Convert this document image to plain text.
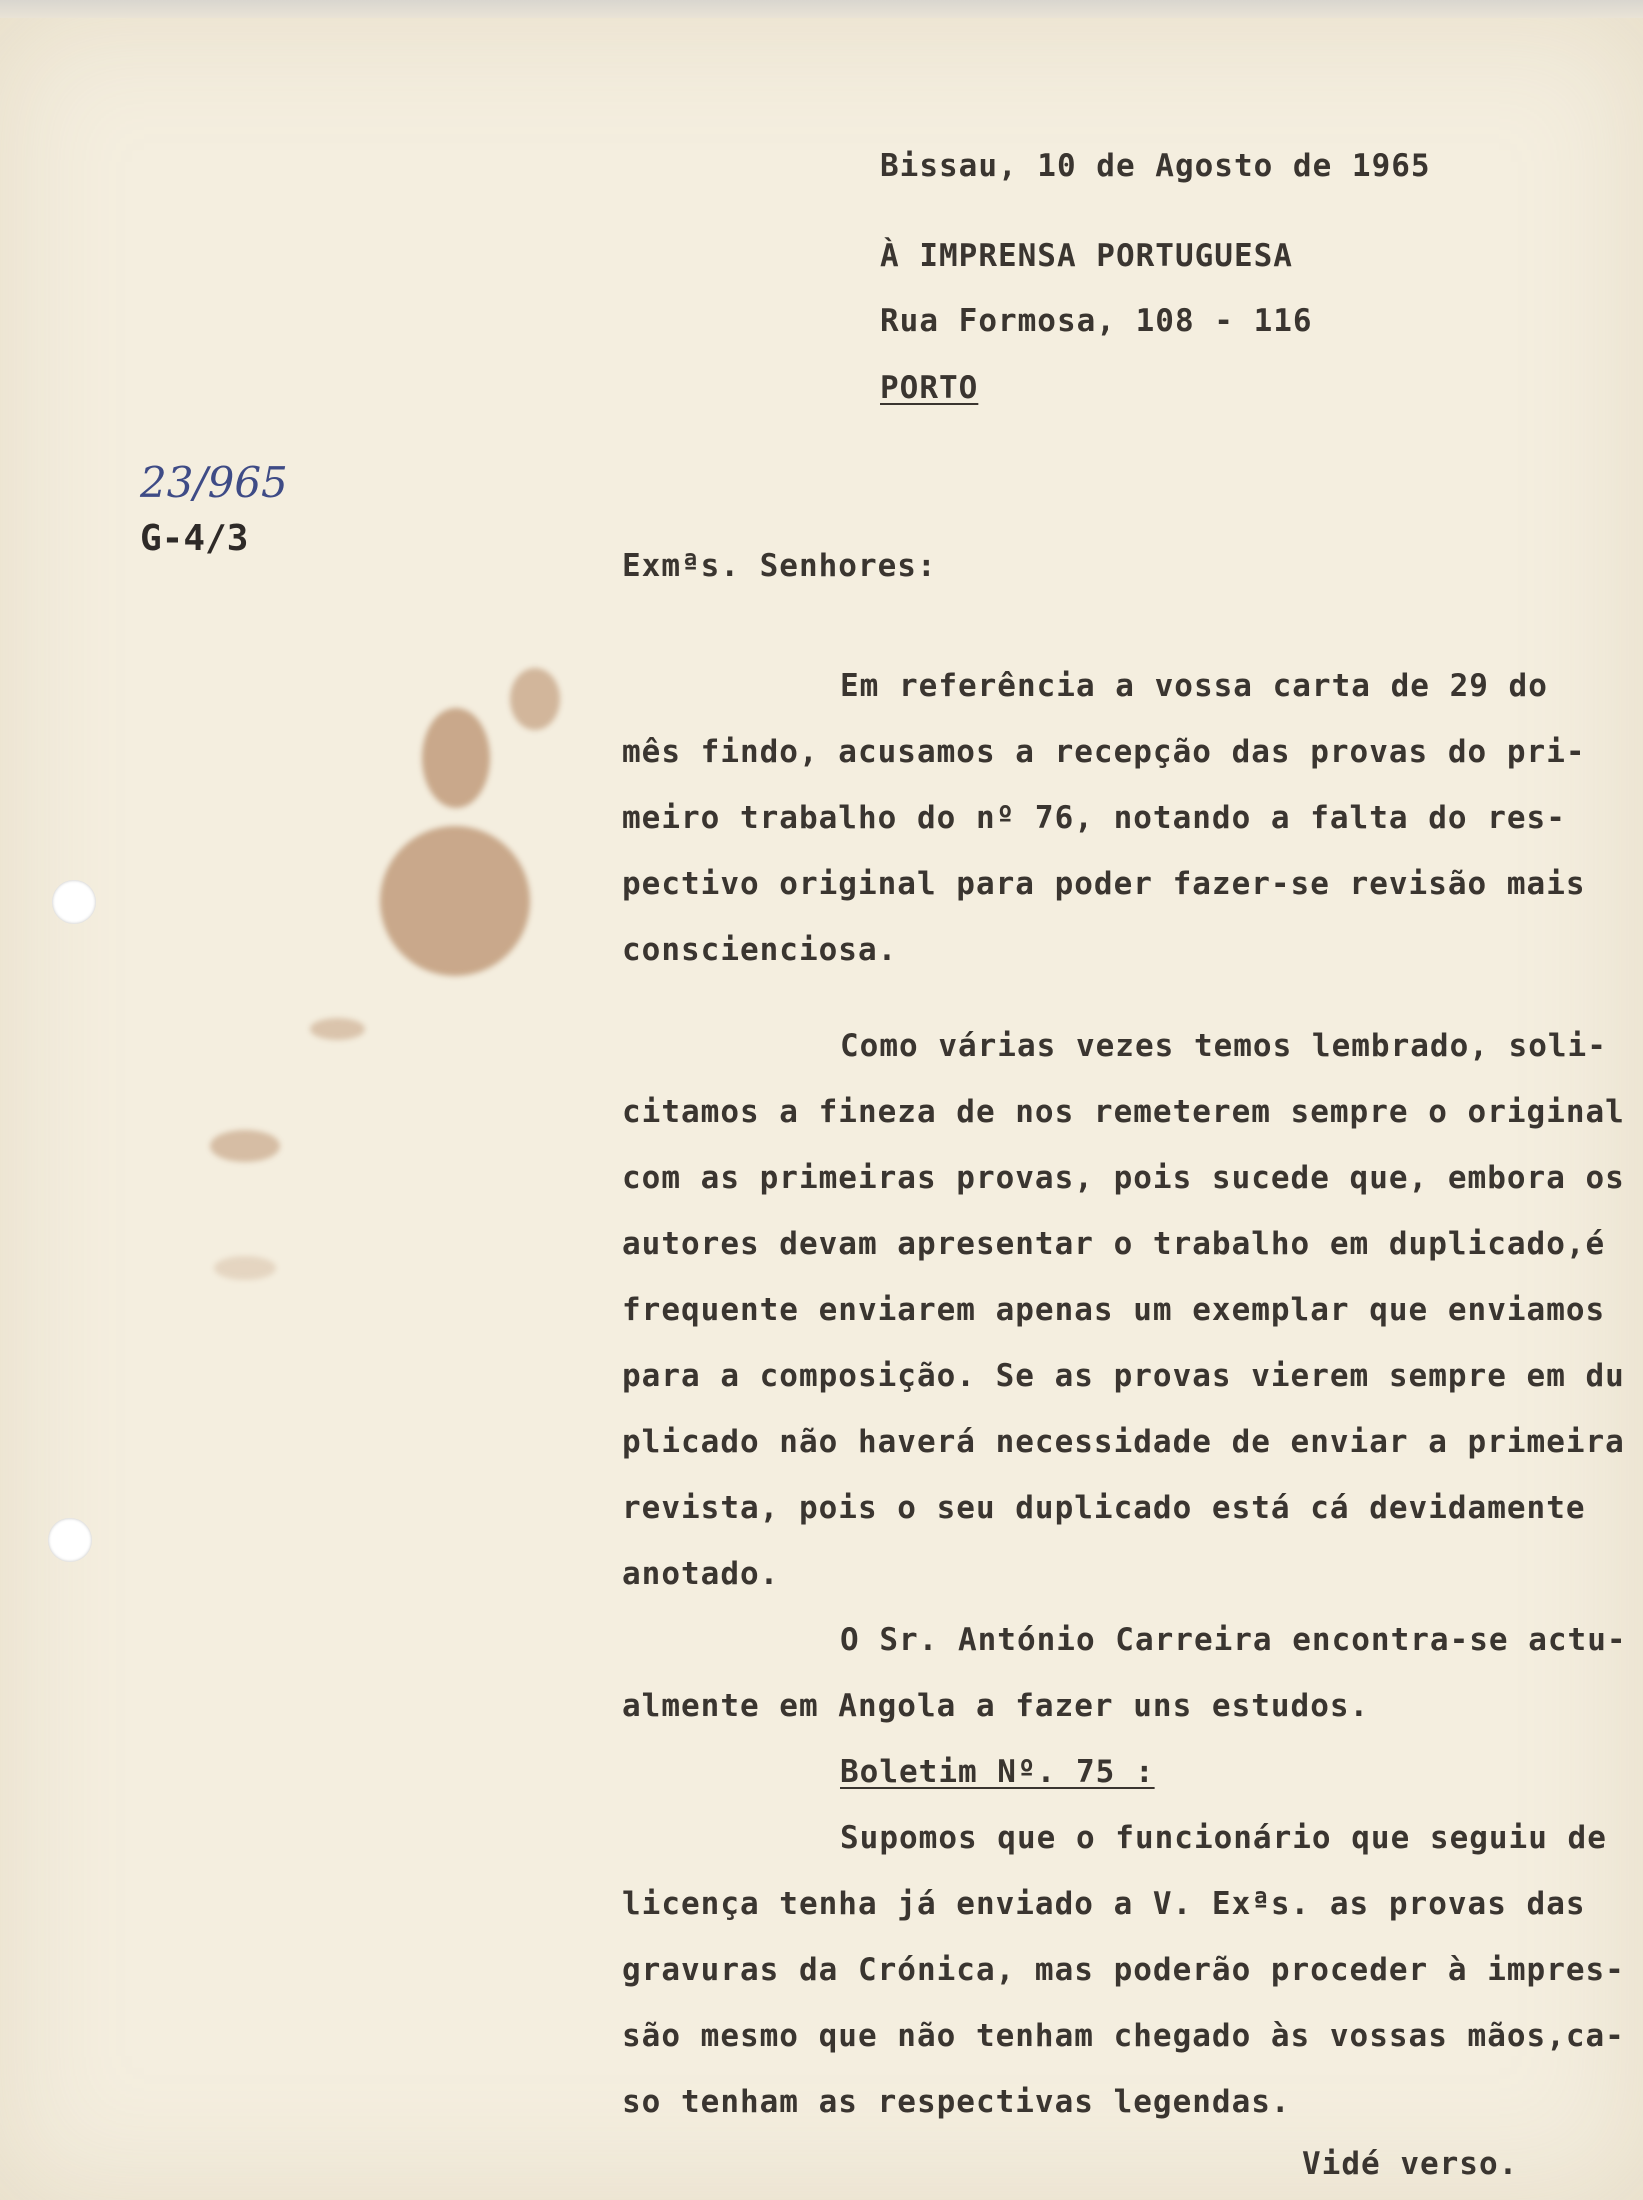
Bissau, 10 de Agosto de 1965

À IMPRENSA PORTUGUESA

Rua Formosa, 108 - 116

PORTO

23/965
G-4/3

Exmªs. Senhores:

Em referência a vossa carta de 29 do

mês findo, acusamos a recepção das provas do pri-

meiro trabalho do nº 76, notando a falta do res-

pectivo original para poder fazer-se revisão mais

conscienciosa.

Como várias vezes temos lembrado, soli-

citamos a fineza de nos remeterem sempre o original

com as primeiras provas, pois sucede que, embora os

autores devam apresentar o trabalho em duplicado,é

frequente enviarem apenas um exemplar que enviamos

para a composição. Se as provas vierem sempre em du

plicado não haverá necessidade de enviar a primeira

revista, pois o seu duplicado está cá devidamente

anotado.

O Sr. António Carreira encontra-se actu-

almente em Angola a fazer uns estudos.

Boletim Nº. 75 :

Supomos que o funcionário que seguiu de

licença tenha já enviado a V. Exªs. as provas das

gravuras da Crónica, mas poderão proceder à impres-

são mesmo que não tenham chegado às vossas mãos,ca-

so tenham as respectivas legendas.

Vidé verso.
